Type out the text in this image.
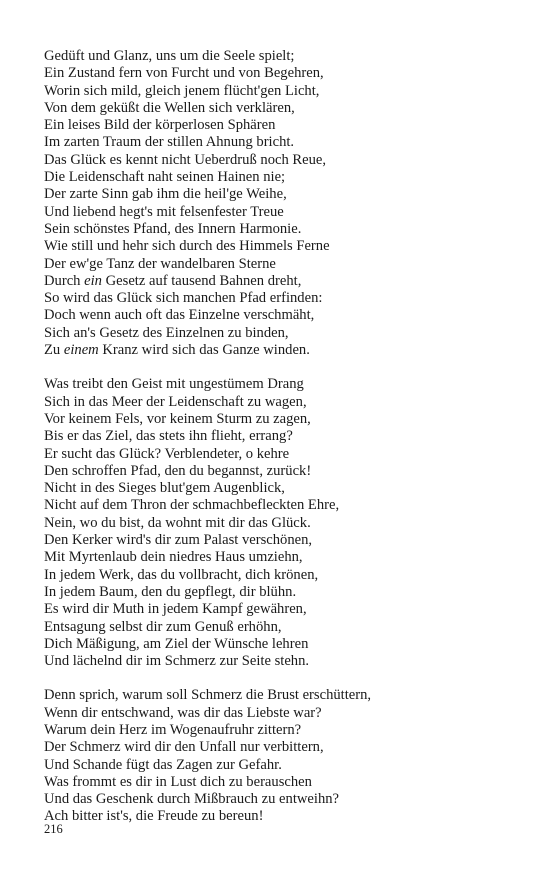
Gedüft und Glanz, uns um die Seele spielt;
Ein Zustand fern von Furcht und von Begehren,
Worin sich mild, gleich jenem flücht'gen Licht,
Von dem geküßt die Wellen sich verklären,
Ein leises Bild der körperlosen Sphären
Im zarten Traum der stillen Ahnung bricht.
Das Glück es kennt nicht Ueberdruß noch Reue,
Die Leidenschaft naht seinen Hainen nie;
Der zarte Sinn gab ihm die heil'ge Weihe,
Und liebend hegt's mit felsenfester Treue
Sein schönstes Pfand, des Innern Harmonie.
Wie still und hehr sich durch des Himmels Ferne
Der ew'ge Tanz der wandelbaren Sterne
Durch ein Gesetz auf tausend Bahnen dreht,
So wird das Glück sich manchen Pfad erfinden:
Doch wenn auch oft das Einzelne verschmäht,
Sich an's Gesetz des Einzelnen zu binden,
Zu einem Kranz wird sich das Ganze winden.
Was treibt den Geist mit ungestümem Drang
Sich in das Meer der Leidenschaft zu wagen,
Vor keinem Fels, vor keinem Sturm zu zagen,
Bis er das Ziel, das stets ihn flieht, errang?
Er sucht das Glück? Verblendeter, o kehre
Den schroffen Pfad, den du begannst, zurück!
Nicht in des Sieges blut'gem Augenblick,
Nicht auf dem Thron der schmachbefleckten Ehre,
Nein, wo du bist, da wohnt mit dir das Glück.
Den Kerker wird's dir zum Palast verschönen,
Mit Myrtenlaub dein niedres Haus umziehn,
In jedem Werk, das du vollbracht, dich krönen,
In jedem Baum, den du gepflegt, dir blühn.
Es wird dir Muth in jedem Kampf gewähren,
Entsagung selbst dir zum Genuß erhöhn,
Dich Mäßigung, am Ziel der Wünsche lehren
Und lächelnd dir im Schmerz zur Seite stehn.
Denn sprich, warum soll Schmerz die Brust erschüttern,
Wenn dir entschwand, was dir das Liebste war?
Warum dein Herz im Wogenaufruhr zittern?
Der Schmerz wird dir den Unfall nur verbittern,
Und Schande fügt das Zagen zur Gefahr.
Was frommt es dir in Lust dich zu berauschen
Und das Geschenk durch Mißbrauch zu entweihn?
Ach bitter ist's, die Freude zu bereun!
216
